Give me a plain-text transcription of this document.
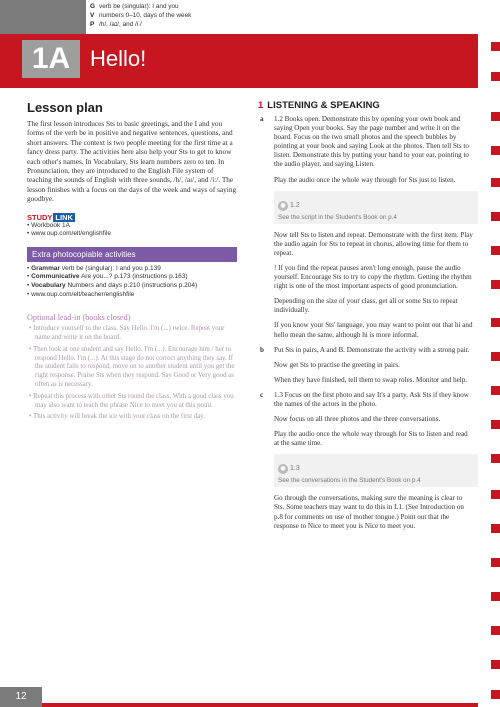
G verb be (singular): I and you
V numbers 0–10, days of the week
P /h/, /aɪ/, and /iː/
1A Hello!
Lesson plan

The first lesson introduces Sts to basic greetings, and the I and you forms of the verb be in positive and negative sentences, questions, and short answers. The context is two people meeting for the first time at a fancy dress party. The activities here also help your Sts to get to know each other's names. In Vocabulary, Sts learn numbers zero to ten. In Pronunciation, they are introduced to the English File system of teaching the sounds of English with three sounds, /h/, /aɪ/, and /iː/. The lesson finishes with a focus on the days of the week and ways of saying goodbye.

STUDY LINK
• Workbook 1A
• www.oup.com/elt/englishfile
Extra photocopiable activities
• Grammar verb be (singular): I and you p.139
• Communicative Are you...? p.173 (instructions p.163)
• Vocabulary Numbers and days p.210 (instructions p.204)
• www.oup.com/elt/teacher/englishfile
Optional lead-in (books closed)

• Introduce yourself to the class. Say Hello. I'm (...) twice. Repeat your name and write it on the board.

• Then look at one student and say Hello. I'm (...). Encourage him / her to respond Hello. I'm (...). At this stage do not correct anything they say. If the student fails to respond, move on to another student until you get the right response. Praise Sts when they respond. Say Good or Very good as often as is necessary.

• Repeat this process with other Sts round the class. With a good class you may also want to teach the phrase Nice to meet you at this point.

• This activity will break the ice with your class on the first day.

1 LISTENING & SPEAKING

a 1.2 Books open. Demonstrate this by opening your own book and saying Open your books. Say the page number and write it on the board. Focus on the two small photos and the speech bubbles by pointing at your book and saying Look at the photos. Then tell Sts to listen. Demonstrate this by putting your hand to your ear, pointing to the audio player, and saying Listen.

Play the audio once the whole way through for Sts just to listen.

◉ 1.2
See the script in the Student's Book on p.4

Now tell Sts to listen and repeat. Demonstrate with the first item. Play the audio again for Sts to repeat in chorus, allowing time for them to repeat.

! If you find the repeat pauses aren't long enough, pause the audio yourself. Encourage Sts to try to copy the rhythm. Getting the rhythm right is one of the most important aspects of good pronunciation.

Depending on the size of your class, get all or some Sts to repeat individually.

If you know your Sts' language, you may want to point out that hi and hello mean the same, although hi is more informal.

b Put Sts in pairs, A and B. Demonstrate the activity with a strong pair.

Now get Sts to practise the greeting in pairs.

When they have finished, tell them to swap roles. Monitor and help.

c 1.3 Focus on the first photo and say It's a party. Ask Sts if they know the names of the actors in the photo.

Now focus on all three photos and the three conversations.

Play the audio once the whole way through for Sts to listen and read at the same time.

◉ 1.3
See the conversations in the Student's Book on p.4

Go through the conversations, making sure the meaning is clear to Sts. Some teachers may want to do this in L1. (See Introduction on p.8 for comments on use of mother tongue.) Point out that the response to Nice to meet you is Nice to meet you.

12
